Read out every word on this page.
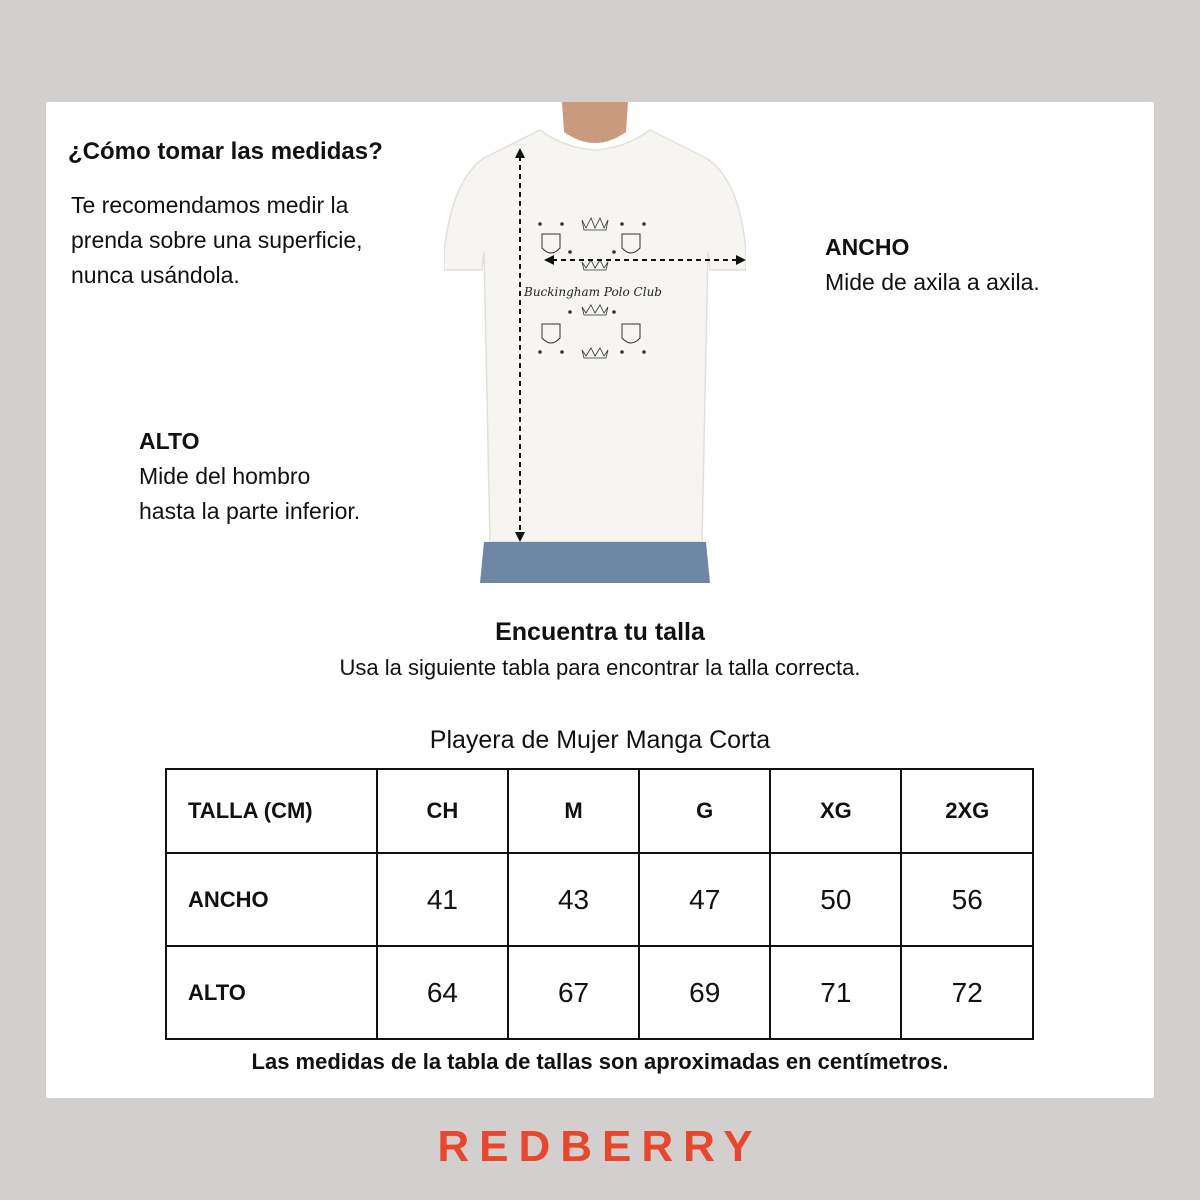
¿Cómo tomar las medidas?
Te recomendamos medir la
prenda sobre una superficie,
nunca usándola.
Buckingham Polo Club
ANCHO
Mide de axila a axila.
ALTO
Mide del hombro
hasta la parte inferior.
Encuentra tu talla
Usa la siguiente tabla para encontrar la talla correcta.
Playera de Mujer Manga Corta
TALLA (CM)	CH	M	G	XG	2XG
ANCHO	41	43	47	50	56
ALTO	64	67	69	71	72
Las medidas de la tabla de tallas son aproximadas en centímetros.
REDBERRY
